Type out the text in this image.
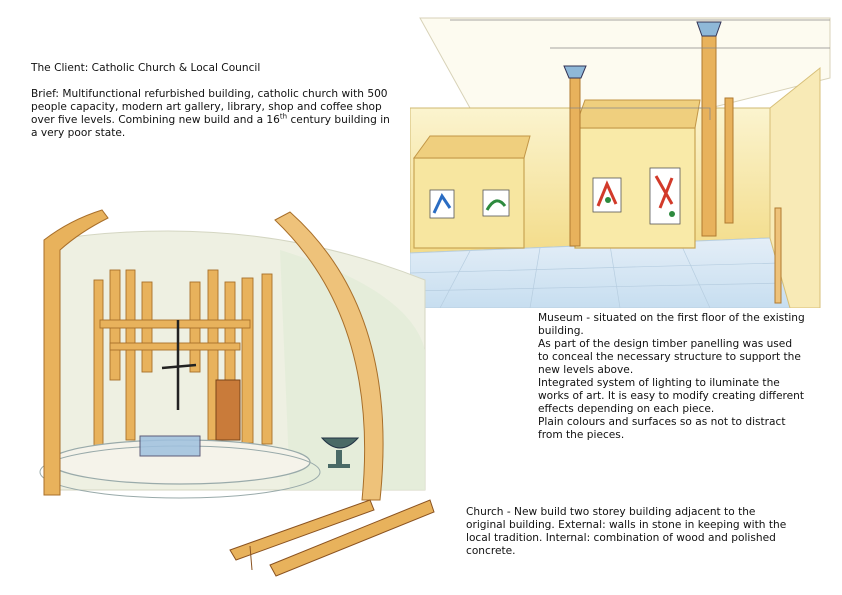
The Client: Catholic Church & Local Council
Brief: Multifunctional refurbished building, catholic church with 500 people capacity, modern art gallery, library, shop and coffee shop over five levels. Combining new build and a 16th century building in a very poor state.
Museum - situated on the first floor of the existing building.
As part of the design timber panelling was used to conceal the necessary structure to support the new levels above.
Integrated system of lighting to iluminate the works of art. It is easy to modify creating different effects depending on each piece.
Plain colours and surfaces so as not to distract from the pieces.
Church - New build two storey building adjacent to the original building. External: walls in stone in keeping with the
local tradition. Internal: combination of wood and polished concrete.
